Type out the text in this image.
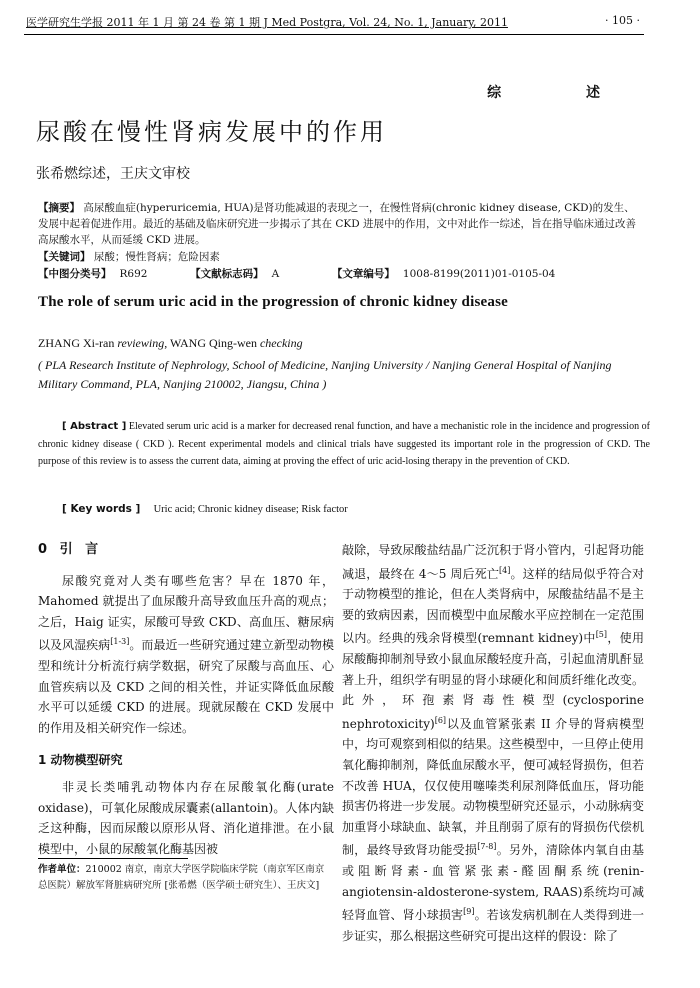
医学研究生学报 2011 年 1 月 第 24 卷 第 1 期 J Med Postgra, Vol. 24, No. 1, January, 2011	· 105 ·
综 述
尿酸在慢性肾病发展中的作用
张希燃综述，王庆文审校
【摘要】 高尿酸血症(hyperuricemia, HUA)是肾功能减退的表现之一，在慢性肾病(chronic kidney disease, CKD)的发生、发展中起着促进作用。最近的基础及临床研究进一步揭示了其在 CKD 进展中的作用，文中对此作一综述，旨在指导临床通过改善高尿酸水平，从而延缓 CKD 进展。
【关键词】 尿酸；慢性肾病；危险因素
【中图分类号】 R692	【文献标志码】 A	【文章编号】 1008-8199(2011)01-0105-04
The role of serum uric acid in the progression of chronic kidney disease
ZHANG Xi-ran reviewing, WANG Qing-wen checking
( PLA Research Institute of Nephrology, School of Medicine, Nanjing University / Nanjing General Hospital of Nanjing Military Command, PLA, Nanjing 210002, Jiangsu, China )
[ Abstract ] Elevated serum uric acid is a marker for decreased renal function, and have a mechanistic role in the incidence and progression of chronic kidney disease ( CKD ). Recent experimental models and clinical trials have suggested its important role in the progression of CKD. The purpose of this review is to assess the current data, aiming at proving the effect of uric acid-losing therapy in the prevention of CKD.
[ Key words ] Uric acid; Chronic kidney disease; Risk factor
0 引 言

尿酸究竟对人类有哪些危害？早在 1870 年，Mahomed 就提出了血尿酸升高导致血压升高的观点；之后，Haig 证实，尿酸可导致 CKD、高血压、糖尿病以及风湿疾病[1-3]。而最近一些研究通过建立新型动物模型和统计分析流行病学数据，研究了尿酸与高血压、心血管疾病以及 CKD 之间的相关性，并证实降低血尿酸水平可以延缓 CKD 的进展。现就尿酸在 CKD 发展中的作用及相关研究作一综述。

1 动物模型研究

非灵长类哺乳动物体内存在尿酸氧化酶(urate oxidase)，可氧化尿酸成尿囊素(allantoin)。人体内缺乏这种酶，因而尿酸以原形从肾、消化道排泄。在小鼠模型中，小鼠的尿酸氧化酶基因被

敲除，导致尿酸盐结晶广泛沉积于肾小管内，引起肾功能减退，最终在 4～5 周后死亡[4]。这样的结局似乎符合对于动物模型的推论，但在人类肾病中，尿酸盐结晶不是主要的致病因素，因而模型中血尿酸水平应控制在一定范围以内。经典的残余肾模型(remnant kidney)中[5]，使用尿酸酶抑制剂导致小鼠血尿酸轻度升高，引起血清肌酐显著上升，组织学有明显的肾小球硬化和间质纤维化改变。此外，环孢素肾毒性模型(cyclosporine nephrotoxicity)[6]以及血管紧张素 II 介导的肾病模型中，均可观察到相似的结果。这些模型中，一旦停止使用氧化酶抑制剂，降低血尿酸水平，便可减轻肾损伤，但若不改善 HUA，仅仅使用噻嗪类利尿剂降低血压，肾功能损害仍将进一步发展。动物模型研究还显示，小动脉病变加重肾小球缺血、缺氧，并且削弱了原有的肾损伤代偿机制，最终导致肾功能受损[7-8]。另外，清除体内氧自由基或阻断肾素-血管紧张素-醛固酮系统(renin-angiotensin-aldosterone-system, RAAS)系统均可减轻肾血管、肾小球损害[9]。若该发病机制在人类得到进一步证实，那么根据这些研究可提出这样的假设：除了

作者单位：210002 南京，南京大学医学院临床学院（南京军区南京总医院）解放军肾脏病研究所 [张希燃（医学硕士研究生）、王庆文]
